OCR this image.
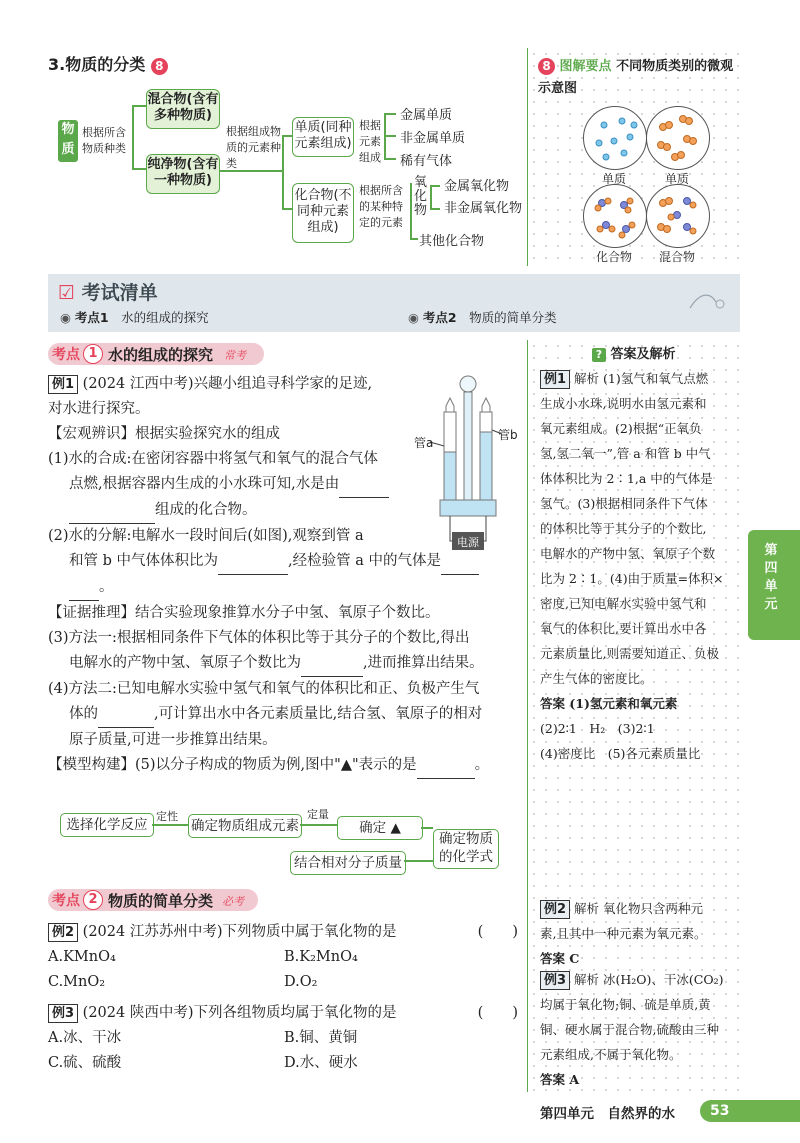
3.物质的分类 8
物
质
根据所含物质种类
混合物(含有多种物质)
纯净物(含有一种物质)
根据组成物质的元素种类
单质(同种元素组成)
化合物(不同种元素组成)
根据元素组成
金属单质
非金属单质
稀有气体
根据所含的某种特定的元素
氧化物
金属氧化物
非金属氧化物
其他化合物
8 图解要点 不同物质类别的微观示意图
单质	单质
化合物	混合物
☑ 考试清单
◉ 考点1　 水的组成的探究	◉ 考点2　 物质的简单分类
考点 1 水的组成的探究 常考
例1 (2024 江西中考)兴趣小组追寻科学家的足迹,
对水进行探究。
【宏观辨识】根据实验探究水的组成
(1)水的合成:在密闭容器中将氢气和氧气的混合气体
点燃,根据容器内生成的小水珠可知,水是由
组成的化合物。
(2)水的分解:电解水一段时间后(如图),观察到管 a
和管 b 中气体体积比为	,经检验管 a 中的气体是
。
【证据推理】结合实验现象推算水分子中氢、氧原子个数比。
(3)方法一:根据相同条件下气体的体积比等于其分子的个数比,得出
电解水的产物中氢、氧原子个数比为	,进而推算出结果。
(4)方法二:已知电解水实验中氢气和氧气的体积比和正、负极产生气
体的	,可计算出水中各元素质量比,结合氢、氧原子的相对
原子质量,可进一步推算出结果。
【模型构建】(5)以分子构成的物质为例,图中"▲"表示的是	。
管a
管b
电源
选择化学反应
定性
确定物质组成元素
定量
确定 ▲
确定物质的化学式
结合相对分子质量
考点 2 物质的简单分类 必考
例2 (2024 江苏苏州中考)下列物质中属于氧化物的是	(　　)
A.KMnO₄	B.K₂MnO₄
C.MnO₂	D.O₂
例3 (2024 陕西中考)下列各组物质均属于氧化物的是	(　　)
A.冰、干冰	B.铜、黄铜
C.硫、硫酸	D.水、硬水
? 答案及解析
例1 解析 (1)氢气和氧气点燃
生成小水珠,说明水由氢元素和
氧元素组成。(2)根据“正氧负
氢,氢二氧一”,管 a 和管 b 中气
体体积比为 2∶1,a 中的气体是
氢气。(3)根据相同条件下气体
的体积比等于其分子的个数比,
电解水的产物中氢、氧原子个数
比为 2∶1。(4)由于质量=体积×
密度,已知电解水实验中氢气和
氧气的体积比,要计算出水中各
元素质量比,则需要知道正、负极
产生气体的密度比。
答案 (1)氢元素和氧元素
(2)2∶1　H₂　(3)2∶1
(4)密度比　(5)各元素质量比
例2 解析 氧化物只含两种元
素,且其中一种元素为氧元素。
答案 C
例3 解析 冰(H₂O)、干冰(CO₂)
均属于氧化物;铜、硫是单质,黄
铜、硬水属于混合物,硫酸由三种
元素组成,不属于氧化物。
答案 A
第四单元
第四单元　自然界的水	53
